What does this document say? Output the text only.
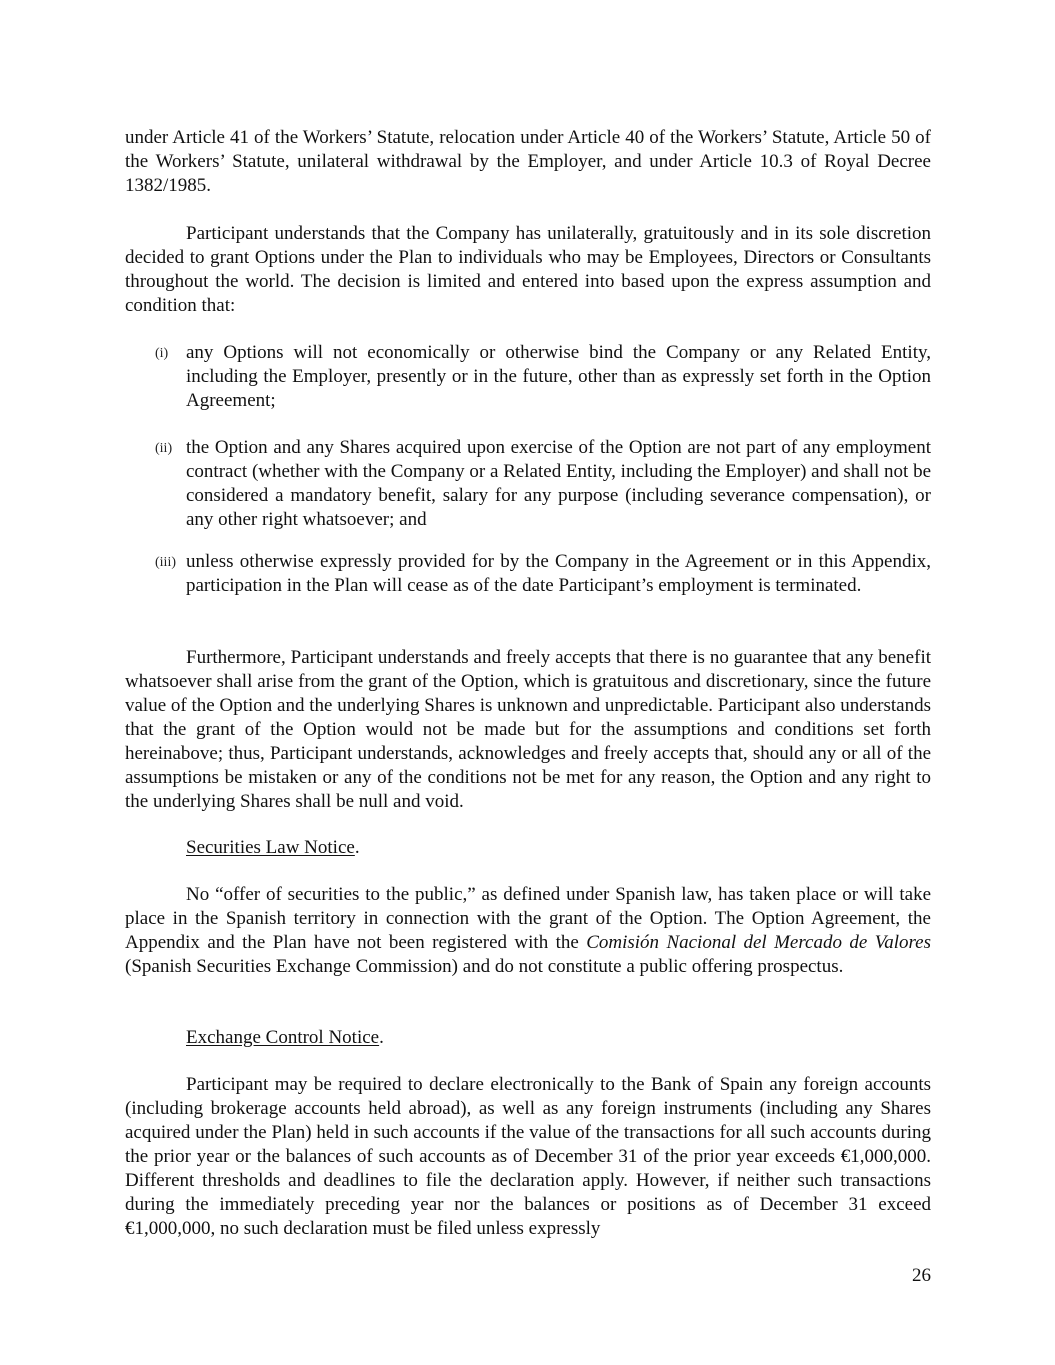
under Article 41 of the Workers’ Statute, relocation under Article 40 of the Workers’ Statute, Article 50 of the Workers’ Statute, unilateral withdrawal by the Employer, and under Article 10.3 of Royal Decree 1382/1985.

Participant understands that the Company has unilaterally, gratuitously and in its sole discretion decided to grant Options under the Plan to individuals who may be Employees, Directors or Consultants throughout the world. The decision is limited and entered into based upon the express assumption and condition that:

(i) any Options will not economically or otherwise bind the Company or any Related Entity, including the Employer, presently or in the future, other than as expressly set forth in the Option Agreement;

(ii) the Option and any Shares acquired upon exercise of the Option are not part of any employment contract (whether with the Company or a Related Entity, including the Employer) and shall not be considered a mandatory benefit, salary for any purpose (including severance compensation), or any other right whatsoever; and

(iii) unless otherwise expressly provided for by the Company in the Agreement or in this Appendix, participation in the Plan will cease as of the date Participant’s employment is terminated.

Furthermore, Participant understands and freely accepts that there is no guarantee that any benefit whatsoever shall arise from the grant of the Option, which is gratuitous and discretionary, since the future value of the Option and the underlying Shares is unknown and unpredictable. Participant also understands that the grant of the Option would not be made but for the assumptions and conditions set forth hereinabove; thus, Participant understands, acknowledges and freely accepts that, should any or all of the assumptions be mistaken or any of the conditions not be met for any reason, the Option and any right to the underlying Shares shall be null and void.

Securities Law Notice.

No “offer of securities to the public,” as defined under Spanish law, has taken place or will take place in the Spanish territory in connection with the grant of the Option. The Option Agreement, the Appendix and the Plan have not been registered with the Comisión Nacional del Mercado de Valores (Spanish Securities Exchange Commission) and do not constitute a public offering prospectus.

Exchange Control Notice.

Participant may be required to declare electronically to the Bank of Spain any foreign accounts (including brokerage accounts held abroad), as well as any foreign instruments (including any Shares acquired under the Plan) held in such accounts if the value of the transactions for all such accounts during the prior year or the balances of such accounts as of December 31 of the prior year exceeds €1,000,000. Different thresholds and deadlines to file the declaration apply. However, if neither such transactions during the immediately preceding year nor the balances or positions as of December 31 exceed €1,000,000, no such declaration must be filed unless expressly

26
